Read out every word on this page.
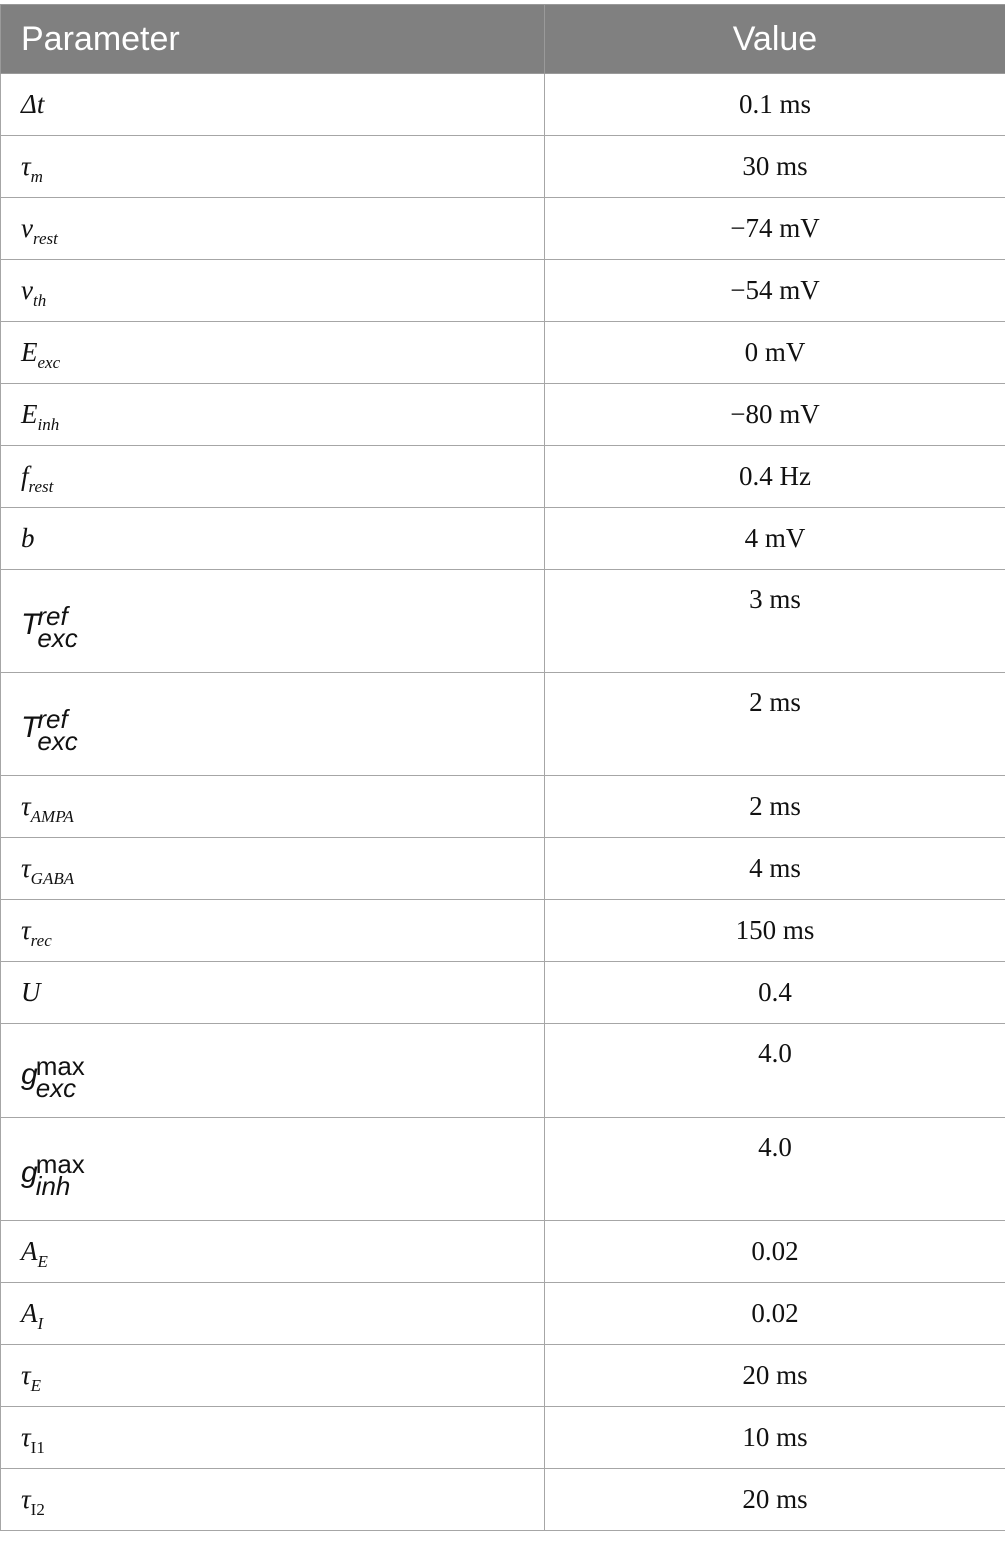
Parameter	Value
Δt	0.1 ms
$\tau_m$	30 ms
$\nu_{rest}$	−74 mV
$\nu_{th}$	−54 mV
$E_{exc}$	0 mV
$E_{inh}$	−80 mV
$f_{rest}$	0.4 Hz
b	4 mV
T
ref
exc	3 ms
T
ref
exc	2 ms
$\tau_{AMPA}$	2 ms
$\tau_{GABA}$	4 ms
$\tau_{rec}$	150 ms
U	0.4
g
max
exc	4.0
g
max
inh	4.0
$A_E$	0.02
$A_I$	0.02
$\tau_E$	20 ms
$\tau_{I1}$	10 ms
$\tau_{I2}$	20 ms
